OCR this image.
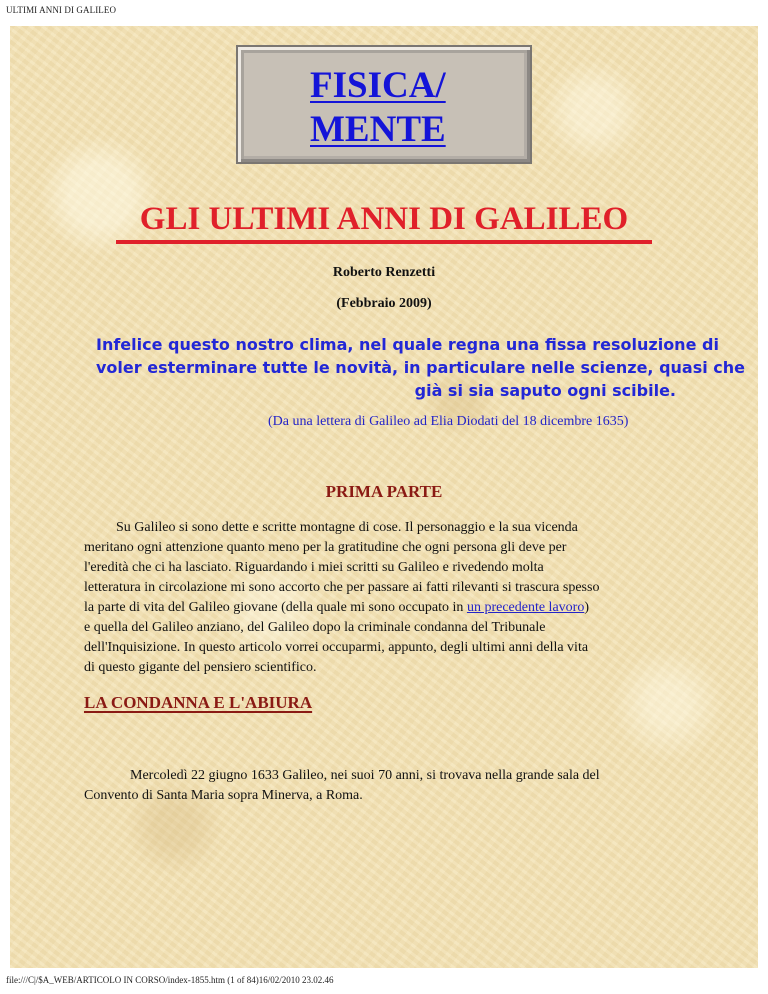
ULTIMI ANNI DI GALILEO
FISICA/
MENTE
GLI ULTIMI ANNI DI GALILEO
Roberto Renzetti
(Febbraio 2009)

Infelice questo nostro clima, nel quale regna una fissa resoluzione di
voler esterminare tutte le novità, in particulare nelle scienze, quasi che
già si sia saputo ogni scibile.

(Da una lettera di Galileo ad Elia Diodati del 18 dicembre 1635)
PRIMA PARTE

Su Galileo si sono dette e scritte montagne di cose. Il personaggio e la sua vicenda
meritano ogni attenzione quanto meno per la gratitudine che ogni persona gli deve per
l'eredità che ci ha lasciato. Riguardando i miei scritti su Galileo e rivedendo molta
letteratura in circolazione mi sono accorto che per passare ai fatti rilevanti si trascura spesso
la parte di vita del Galileo giovane (della quale mi sono occupato in un precedente lavoro)
e quella del Galileo anziano, del Galileo dopo la criminale condanna del Tribunale
dell'Inquisizione. In questo articolo vorrei occuparmi, appunto, degli ultimi anni della vita
di questo gigante del pensiero scientifico.

LA CONDANNA E L'ABIURA

Mercoledì 22 giugno 1633 Galileo, nei suoi 70 anni, si trovava nella grande sala del
Convento di Santa Maria sopra Minerva, a Roma.

file:///C|/$A_WEB/ARTICOLO IN CORSO/index-1855.htm (1 of 84)16/02/2010 23.02.46
